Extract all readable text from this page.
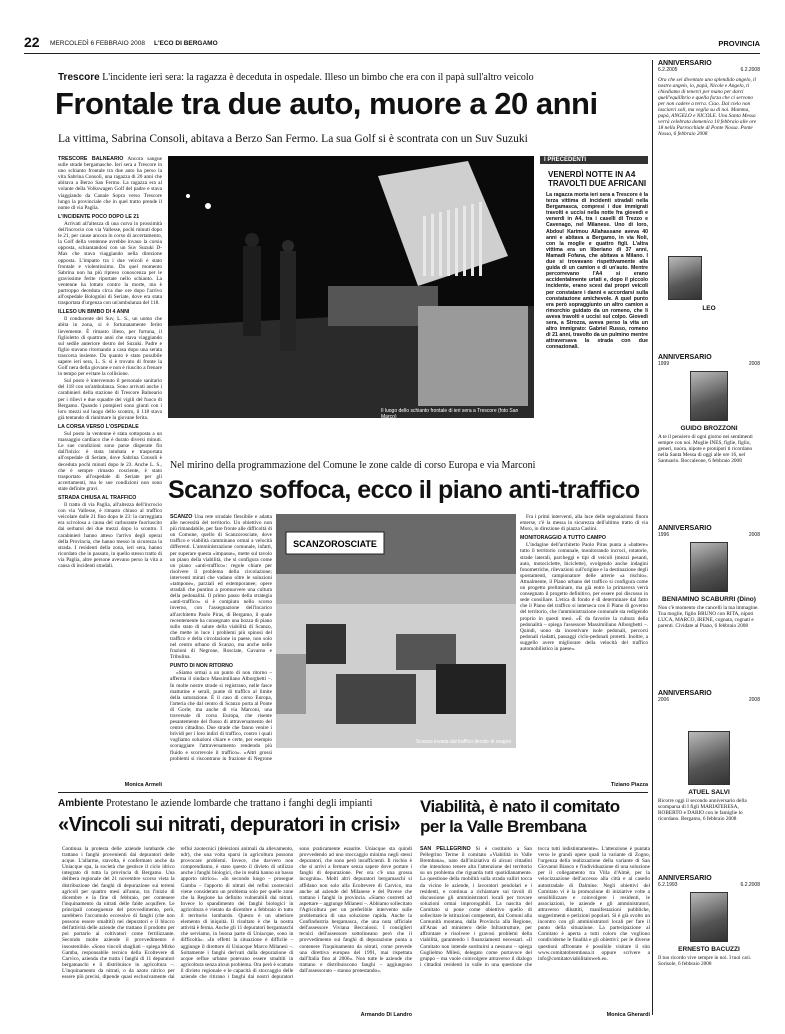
22 MERCOLEDÌ 6 FEBBRAIO 2008 L'ECO DI BERGAMO	PROVINCIA
Trescore L'incidente ieri sera: la ragazza è deceduta in ospedale. Illeso un bimbo che era con il papà sull'altro veicolo
Frontale tra due auto, muore a 20 anni
La vittima, Sabrina Consoli, abitava a Berzo San Fermo. La sua Golf si è scontrata con un Suv Suzuki

TRESCORE BALNEARIO Ancora sangue sulle strade bergamasche. Ieri sera a Trescore in uno schianto frontale tra due auto ha perso la vita Sabrina Consoli, una ragazza di 20 anni che abitava a Berzo San Fermo. La ragazza era al volante della Volkswagen Golf del padre e stava viaggiando da Canale Sopra verso Trescore lungo la provinciale che in quel tratto prende il nome di via Paglia.

L'INCIDENTE POCO DOPO LE 21

Arrivati all'altezza di una curva in prossimità dell'incrocio con via Vallesse, pochi minuti dopo le 21, per cause ancora in corso di accertamento, la Golf della ventenne avrebbe invaso la corsia opposta, schiantandosi con un Suv Suzuki D-Max che stava viaggiando nella direzione opposta. L'impatto tra i due veicoli è stato frontale e violentissimo. Da quel momento Sabrina non ha più ripreso conoscenza per le gravissime ferite riportate nello schianto. La ventenne ha lottato contro la morte, ma è purtroppo deceduta circa due ore dopo l'arrivo all'ospedale Bolognini di Seriate, dove era stata trasportata d'urgenza con un'ambulanza del 118.

ILLESO UN BIMBO DI 4 ANNI

Il conducente del Suv, L. S., un uomo che abita in zona, si è fortunatamente ferito lievemente. È rimasto illeso, per fortuna, il figlioletto di quattro anni che stava viaggiando sul sedile anteriore destro del Suzuki. Padre e figlio stavano ritornando a casa dopo una serata trascorsa insieme. Da quanto è stato possibile sapere ieri sera, L. S. si è trovato di fronte la Golf nera della giovane e non è riuscito a frenare in tempo per evitare la collisione.

Sul posto è intervenuto il personale sanitario del 118 con un'ambulanza. Sono arrivati anche i carabinieri della stazione di Trescore Balneario per i rilievi e due squadre dei vigili del fuoco di Bergamo. Quando i pompieri sono giunti con i loro mezzi sul luogo dello scontro, il 118 stava già tentando di rianimare la giovane ferita.

LA CORSA VERSO L'OSPEDALE

Sul posto la ventenne è stata sottoposta a un massaggio cardiaco che è durato diversi minuti. Le sue condizioni sono parse disperate fin dall'inizio: è stata intubata e trasportata all'ospedale di Seriate, dove Sabrina Consoli è deceduta pochi minuti dopo le 23. Anche L. S., che è sempre rimasto cosciente, è stato trasportato all'ospedale di Seriate per gli accertamenti, ma le sue condizioni non sono state definite gravi.

STRADA CHIUSA AL TRAFFICO

Il tratto di via Paglia, all'altezza dell'incrocio con via Vallesse, è rimasto chiuso al traffico veicolare dalle 21 fino dopo le 23: la carreggiata era scivolosa a causa del carburante fuoriuscito dai serbatoi dei due mezzi dopo lo scontro. I carabinieri hanno atteso l'arrivo degli operai della Provincia, che hanno messo in sicurezza la strada. I residenti della zona, ieri sera, hanno ricordato che in passato, in quello stesso tratto di via Paglia, altre persone avevano perso la vita a causa di incidenti stradali.

Monica Armeli
Il luogo dello schianto frontale di ieri sera a Trescore (foto San Marco)
I PRECEDENTI
VENERDÌ NOTTE IN A4 TRAVOLTI DUE AFRICANI
La ragazza morta ieri sera a Trescore è la terza vittima di incidenti stradali nella Bergamasca, compresi i due immigrati travolti e uccisi nella notte fra giovedì e venerdì in A4, tra i caselli di Trezzo e Cavenago, nel Milanese. Uno di loro, Abdoul Karimou Allahassane aveva 40 anni e abitava a Bergamo, in via Noli, con la moglie e quattro figli. L'altra vittima era un liberiano di 37 anni, Mamadi Fofana, che abitava a Milano. I due si trovavano rispettivamente alla guida di un camion e di un'auto. Mentre percorrevano l'A4 si erano accidentalmente urtati e, dopo il piccolo incidente, erano scesi dai propri veicoli per constatare i danni e accordarsi sulla constatazione amichevole. A quel punto era però sopraggiunto un altro camion a rimorchio guidato da un romeno, che li aveva travolti e uccisi sul colpo. Giovedì sera, a Strozza, aveva perso la vita un altro immigrato: Gabriel Russo, romeno di 21 anni, travolto da un pulmino mentre attraversava la strada con due connazionali.
Nel mirino della programmazione del Comune le zone calde di corso Europa e via Marconi
Scanzo soffoca, ecco il piano anti-traffico

SCANZO Una rete stradale flessibile e adatta alle necessità del territorio. Un obiettivo non più rimandabile, per fare fronte alle difficoltà di un Comune, quello di Scanzorosciate, dove traffico e viabilità camminano ormai a velocità differenti. L'amministrazione comunale, infatti, per superare questa «impasse», mette sul tavolo un piano della viabilità, che si configura come un piano «anti-traffico»: regole chiare per risolvere il problema della circolazione; interventi mirati che vadano oltre le soluzioni «tampone», parziali ed estemporanee; opere stradali che puntino a promuovere una cultura della pedonalità. Il primo passo della strategia «anti-traffico» si è compiuto nello scorso inverno, con l'assegnazione dell'incarico all'architetto Paolo Piras, di Bergamo, il quale recentemente ha consegnato una bozza di piano sullo stato di salute della viabilità di Scanzo, che mette in luce i problemi più spinosi del traffico e della circolazione in paese, non solo nel centro urbano di Scanzo, ma anche nelle frazioni di Negrone, Rosciate, Gavarno e Tribulina.

PUNTO DI NON RITORNO

«Siamo ormai a un punto di non ritorno – afferma il sindaco Massimiliano Alborghetti –. In molte nostre strade si registrano, nelle fasce mattutine e serali, punte di traffico al limite della saturazione. È il caso di corso Europa, l'arteria che dal centro di Scanzo porta al Ponte di Gorle; ma anche di via Marconi, una traversale di corso Europa, che risente pesantemente del flusso di attraversamento del centro cittadino. Due strade che fanno venire i brividi per i loro indici di traffico, contro i quali vogliamo soluzioni chiare e certe, per esempio scoraggiare l'attraversamento rendendo più fluido e scorrevole il traffico». «Altri grossi problemi si riscontrano in frazione di Negrone

SCANZOROSCIATE
Scanzo invasa dal traffico decide di reagire

Fra i primi interventi, alla luce delle segnalazioni finora emerse, c'è la messa in sicurezza dell'ultimo tratto di via Moro, in direzione di piazza Caslini.

MONITORAGGIO A TUTTO CAMPO

L'indagine dell'architetto Paolo Piras punta a «battere» tutto il territorio comunale, monitorando incroci, rotatorie, strade laterali, parcheggi e tipi di veicoli (mezzi pesanti, auto, motociclette, biciclette), svolgendo anche indagini fonometriche, rilevazioni sull'origine e la destinazione degli spostamenti, campionature delle arterie «a rischio». Attualmente, il Piano urbano del traffico si configura come un progetto preliminare, ma già entro la primavera verrà consegnato il progetto definitivo, per essere poi discusso in sede consiliare. L'etica di fondo è di determinare dal fatto che il Piano del traffico si interseca con il Piano di governo del territorio, che l'amministrazione comunale sta redigendo proprio in questi mesi. «È da favorire la cultura della pedonalità – spiega l'assessore Massimiliano Alborghetti –. Quindi, uono da incentivare isole pedonali, percorsi pedonali riadatti, passaggi ciclo-pedonali protetti. Inoltre, a suggello avere migliorare della velocità del traffico automobilistico in paese».

Tiziano Piazza
Ambiente Protestano le aziende lombarde che trattano i fanghi degli impianti
«Vincoli sui nitrati, depuratori in crisi»
Continua la protesta delle aziende lombarde che trattano i fanghi provenienti dai depuratori delle acque. L'allarme, stavolta, è confermato anche da Uniacque spa, la società che gestisce il ciclo idrico integrato di tutta la provincia di Bergamo. Una delibera regionale del 21 novembre scorso vieta la distribuzione dei fanghi di depurazione sui terreni agricoli per quattro mesi all'anno, tra l'inizio di dicembre e la fine di febbraio, per contenere l'inquinamento da nitrati delle falde acquifere. Le principali conseguenze del provvedimento, però, sarebbero l'accumulo eccessivo di fanghi (che non possono essere smaltiti) nei depuratori e il blocco dell'attività delle aziende che trattano il prodotto per poi portarlo ai coltivatori come fertilizzante. Secondo molte aziende il provvedimento è insostenibile. «Sono vincoli sbagliati – spiega Mirko Gamba, responsabile tecnico della Ecoltevere di Carvico, azienda che tratta i fanghi di 11 depuratori bergamaschi e li distribuisce in agricoltura –. L'inquinamento da nitrati, o da azoto nitrico per essere più precisi, dipende quasi esclusivamente dai reflui zootecnici (deiezioni animali da allevamento, ndr), che una volta sparsi in agricoltura possono provocare problemi. Invece, che davvero non comprendiamo, è stato questo il divieto di utilizzo anche i fanghi biologici, che in realtà hanno un basso apporto nitrico». «In secondo luogo – prosegue Gamba – l'apporto di nitrati dei reflui zootecnici viene considerato un problema solo per quelle zone che la Regione ha definito vulnerabili dai nitrati. Invece lo spandimento dei fanghi biologici in agricoltura è vietato da dicembre a febbraio in tutto il territorio lombardo. Questo è un ulteriore elemento di iniquità. Il risultato è che la nostra attività è ferma. Anche gli 11 depuratori bergamaschi che serviamo, in buona parte di Uniacque, sono in difficoltà». «In effetti la situazione è difficile – aggiunge il direttore di Uniacque Marco Milanesi –. Soltamente i fanghi derivati dalla depurazione di acque reflue urbane potevano essere smaltiti in agricoltura senza alcun problema. Ora però è scattato il divieto regionale e le capacità di stoccaggio delle aziende che ritirano i fanghi dai nostri depuratori sono praticamente esaurite. Uniacque sta quindi provvedendo ad uno stoccaggio minimo negli stessi depuratori, che sono però insufficienti. Il rischio è che si arrivi a fermare senza sapere dove portare i fanghi di depurazione. Per ora c'è una grossa incognita». Molti altri depuratori bergamaschi si affidano non solo alla Ecoltevere di Carvico, ma anche ad aziende del Milanese e del Pavese che trattano i fanghi in provincia. «Siamo costretti ad aspettare – aggiunge Milanesi –. Abbiamo sollecitato l'Agricoltura per un preferibile intervento sulle problematica di una soluzione rapida. Anche la Confindustria bergamasca, che una nota ufficiale dell'assessore Viviana Beccalossi. I consiglieri tecnici dell'assessore sottolineano però che il provvedimento sui fanghi di depurazione punta a contenere l'inquinamento da nitrati, come prevede una direttiva europea del 1991, mai rispettata dall'Italia fino al 2006». Non tutte le aziende che trattano e distribuiscono fanghi – aggiungono dall'assessorato – stanno protestando».
Armando Di Landro
Viabilità, è nato il comitato
per la Valle Brembana

SAN PELLEGRINO Si è costituito a San Pellegrino Terme il comitato «Viabilità in Valle Brembana», nato dall'iniziativa di alcuni cittadini che intendono tenere alta l'attenzione del territorio su un problema che riguarda tutti quotidianamente. La questione della mobilità sulla strada valliri tocca da vicino le aziende, i lavoratori pendolari e i residenti, e continua a richiamare sui tavoli di discussione gli amministratori locali per trovare soluzioni ormai improrogabili. La nascita del Comitato si pone come obiettivo quello di sollecitare le istituzioni competenti, dai Comuni alla Comunità montana, dalla Provincia alla Regione, all'Anas ad ministero delle Infrastrutture, per affrontare e risolvere i gravosi problemi della viabilità, garantendo i finanziamenti necessari. «Il Comitato non intende sostituirsi a nessuno – spiega Guglielmo Milesi, delegato come portavoce del gruppo – ma vuole coinvolgere attraverso il dialogo i cittadini residenti in valle in una questione che tocca tutti indistintamente». L'attenzione è puntata verso le grandi opere quali la variante di Zogno, l'urgenza della realizzazione della variante di San Giovanni Bianco e l'individuazione di una soluzione per il collegamento tra Villa d'Almè, per la velocizzazione dell'accesso alla città e al casello autostradale di Dalmine. Negli obiettivi del Comitato vi è la promozione di iniziative volte a sensibilizzare e coinvolgere i residenti, le associazioni, le aziende e gli amministratori, attraverso dibattiti, manifestazioni pubbliche, suggerimenti e petizioni popolari. Si è già svolto un incontro con gli amministratori locali per fare il punto della situazione. La partecipazione al Comitato è aperta a tutti coloro che vogliono condividerne le finalità e gli obiettivi: per le diverse questioni affrontate è possibile visitare il sito www.comitatobrembana.it oppure scrivere a info@comitatoviabilitaloweb.eu.

Monica Gherardi
ANNIVERSARIO
6.2.2005	6.2.2008
Ora che sei diventato uno splendido angelo, il nostro angelo, io, papà, Nicole e Angelo, ti chiediamo di tenerci per mano per darci quell'equilibrio e quella forza che ci servono per non cadere a terra. Ciao. Dal cielo non lasciarci soli, ma veglia su di noi. Mamma, papà, ANGELO e NICOLE. Una Santa Messa verrà celebrata domenica 10 febbraio alle ore 18 nella Parrocchiale di Ponte Nossa. Ponte Nossa, 6 febbraio 2008
LEO
ANNIVERSARIO
1999	2008
GUIDO BROZZONI
A te il pensiero di ogni giorno nei sentimenti sempre con noi. Moglie INES, figlie, figlio, generi, nuora, nipote e pronipoti ti ricordano nella Santa Messa di oggi alle ore 16, nel Santuario. Boccaleone, 6 febbraio 2008
ANNIVERSARIO
1996	2008
BENIAMINO SCABURRI (Dino)
Non c'è momento che cancelli la tua immagine. Tua moglie, figlio BRUNO con RITA, nipoti LUCA, MARCO, IRENE, cognata, cognati e parenti. Cividate al Piano, 6 febbraio 2008
ANNIVERSARIO
2006	2008
ATUEL SALVI
Ricorre oggi il secondo anniversario della scomparsa di I figli MARIATERESA, ROBERTO e DARIO con le famiglie lo ricordano. Bergamo, 6 febbraio 2008
ANNIVERSARIO
6.2.1993	6.2.2008
ERNESTO BACUZZI
Il tuo ricordo vive sempre in noi. I tuoi cari. Sorisole, 6 febbraio 2008
